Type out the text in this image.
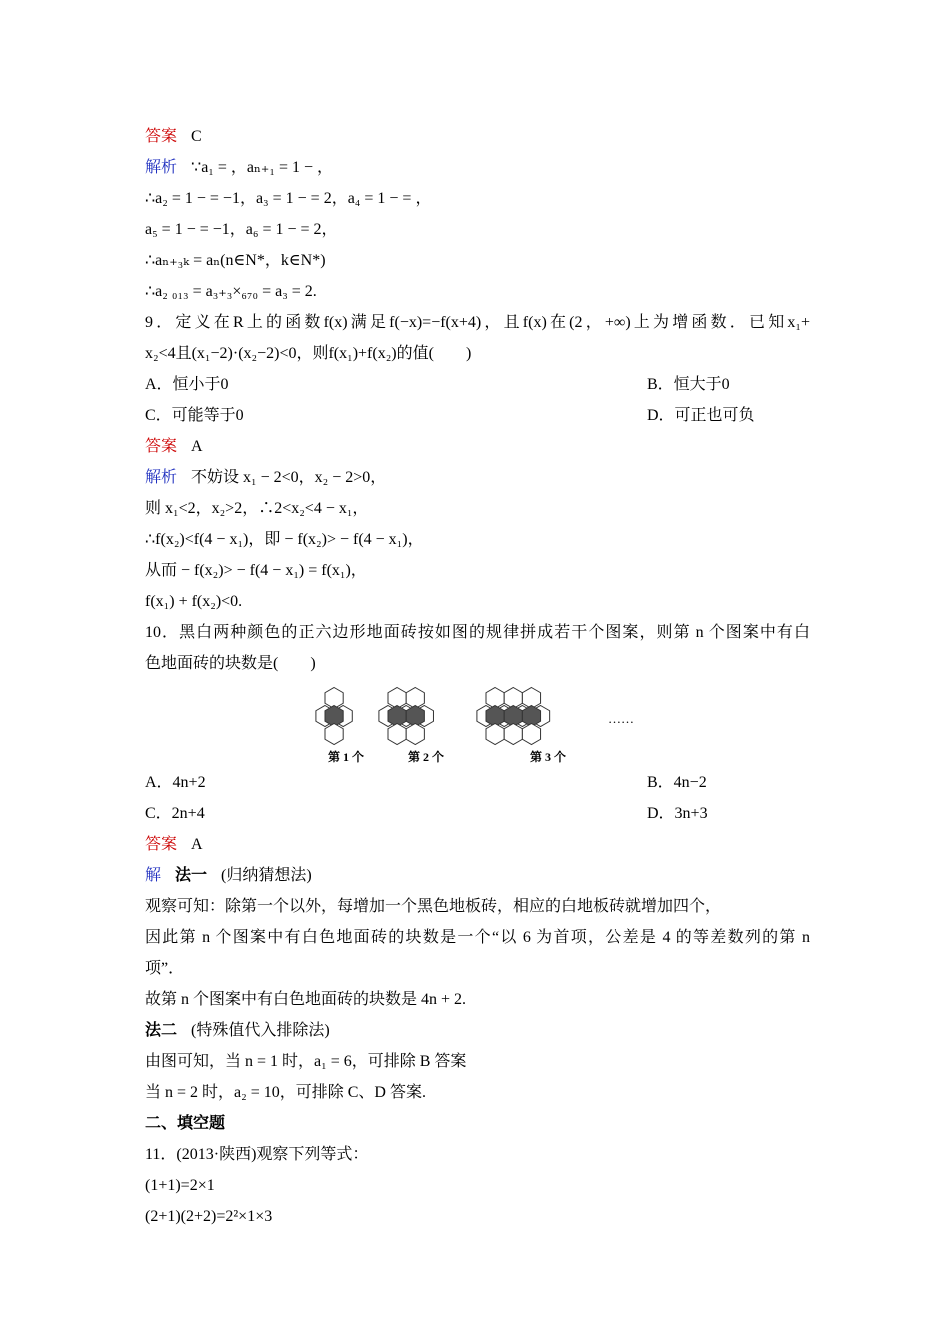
答案 C
解析 ∵a₁ = ，aₙ₊₁ = 1 − ，
∴a₂ = 1 − = −1，a₃ = 1 − = 2，a₄ = 1 − = ，
a₅ = 1 − = −1，a₆ = 1 − = 2，
∴aₙ₊₃ₖ = aₙ(n∈N*，k∈N*)
∴a₂ ₀₁₃ = a₃₊₃×₆₇₀ = a₃ = 2.
9．定义在R上的函数f(x)满足f(−x)=−f(x+4)，且f(x)在(2，+∞)上为增函数．已知x₁+
x₂<4且(x₁−2)·(x₂−2)<0，则f(x₁)+f(x₂)的值(　　)
A．恒小于0	B．恒大于0
C．可能等于0	D．可正也可负
答案 A
解析 不妨设 x₁ − 2<0，x₂ − 2>0，
则 x₁<2，x₂>2，∴2<x₂<4 − x₁，
∴f(x₂)<f(4 − x₁)，即 − f(x₂)> − f(4 − x₁)，
从而 − f(x₂)> − f(4 − x₁) = f(x₁)，
f(x₁) + f(x₂)<0.
10．黑白两种颜色的正六边形地面砖按如图的规律拼成若干个图案，则第 n 个图案中有白
色地面砖的块数是(　　)
第 1 个	第 2 个	第 3 个
……
A．4n+2	B．4n−2
C．2n+4	D．3n+3
答案 A
解 法一 (归纳猜想法)
观察可知：除第一个以外，每增加一个黑色地板砖，相应的白地板砖就增加四个，
因此第 n 个图案中有白色地面砖的块数是一个“以 6 为首项，公差是 4 的等差数列的第 n
项”．
故第 n 个图案中有白色地面砖的块数是 4n + 2.
法二 (特殊值代入排除法)
由图可知，当 n = 1 时，a₁ = 6，可排除 B 答案
当 n = 2 时，a₂ = 10，可排除 C、D 答案.
二、填空题
11．(2013·陕西)观察下列等式：
(1+1)=2×1
(2+1)(2+2)=2²×1×3
